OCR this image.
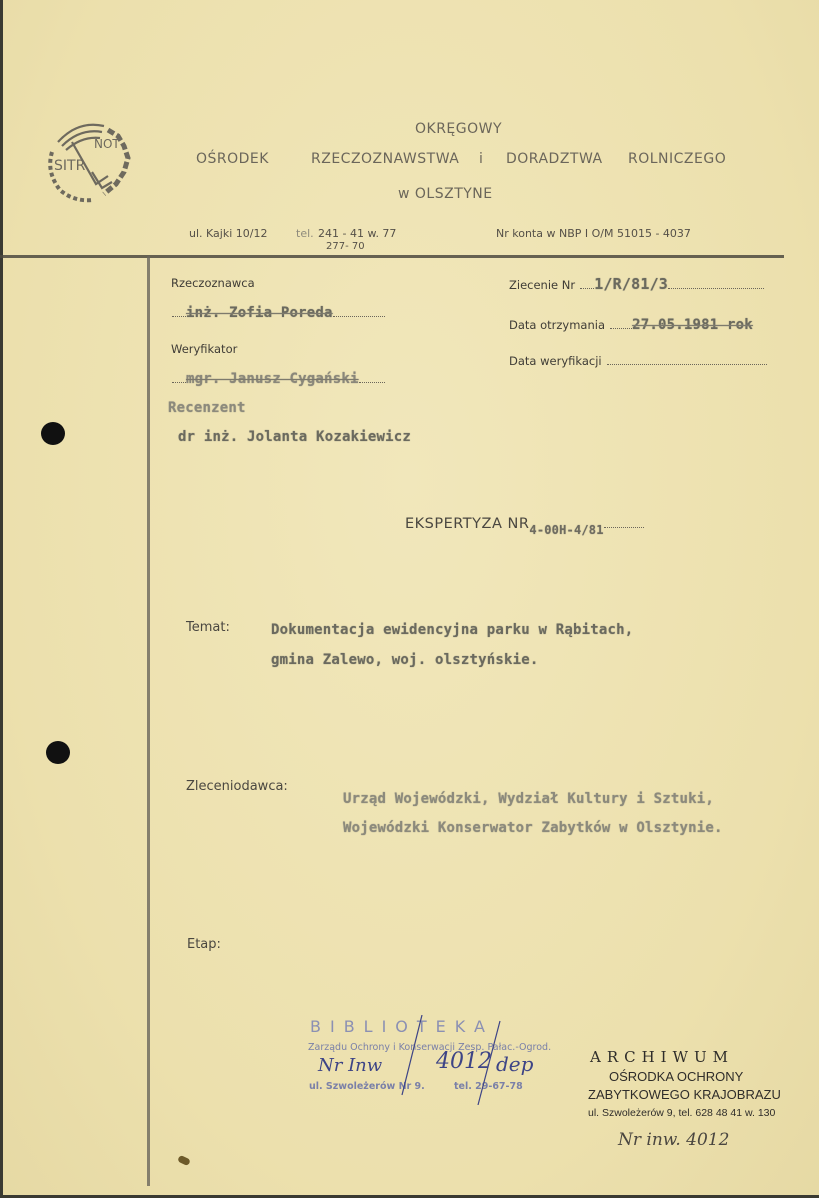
SITR
NOT
OKRĘGOWY
OŚRODEK	RZECZOZNAWSTWA i DORADZTWA ROLNICZEGO
w OLSZTYNE
ul. Kajki 10/12	tel. 241 - 41 w. 77
277- 70
Nr konta w NBP I O/M 51015 - 4037
Rzeczoznawca
inż. Zofia Poreda
Weryfikator
mgr. Janusz Cygański
Recenzent
dr inż. Jolanta Kozakiewicz
Ziecenie Nr 1/R/81/3
Data otrzymania 27.05.1981 rok
Data weryfikacji
EKSPERTYZA $NR_{4-00H-4/81}$
Temat:	Dokumentacja ewidencyjna parku w Rąbitach,
gmina Zalewo, woj. olsztyńskie.
Zleceniodawca:
Urząd Wojewódzki, Wydział Kultury i Sztuki,
Wojewódzki Konserwator Zabytków w Olsztynie.
Etap:
BIBLIOTEKA
Zarządu Ochrony i Konserwacji Zesp. Pałac.-Ogrod.
Nr Inw 4012 dep
ul. Szwoleżerów Nr 9.	tel. 29-67-78
ARCHIWUM
OŚRODKA OCHRONY
ZABYTKOWEGO KRAJOBRAZU
ul. Szwoleżerów 9, tel. 628 48 41 w. 130
Nr inw. 4012
